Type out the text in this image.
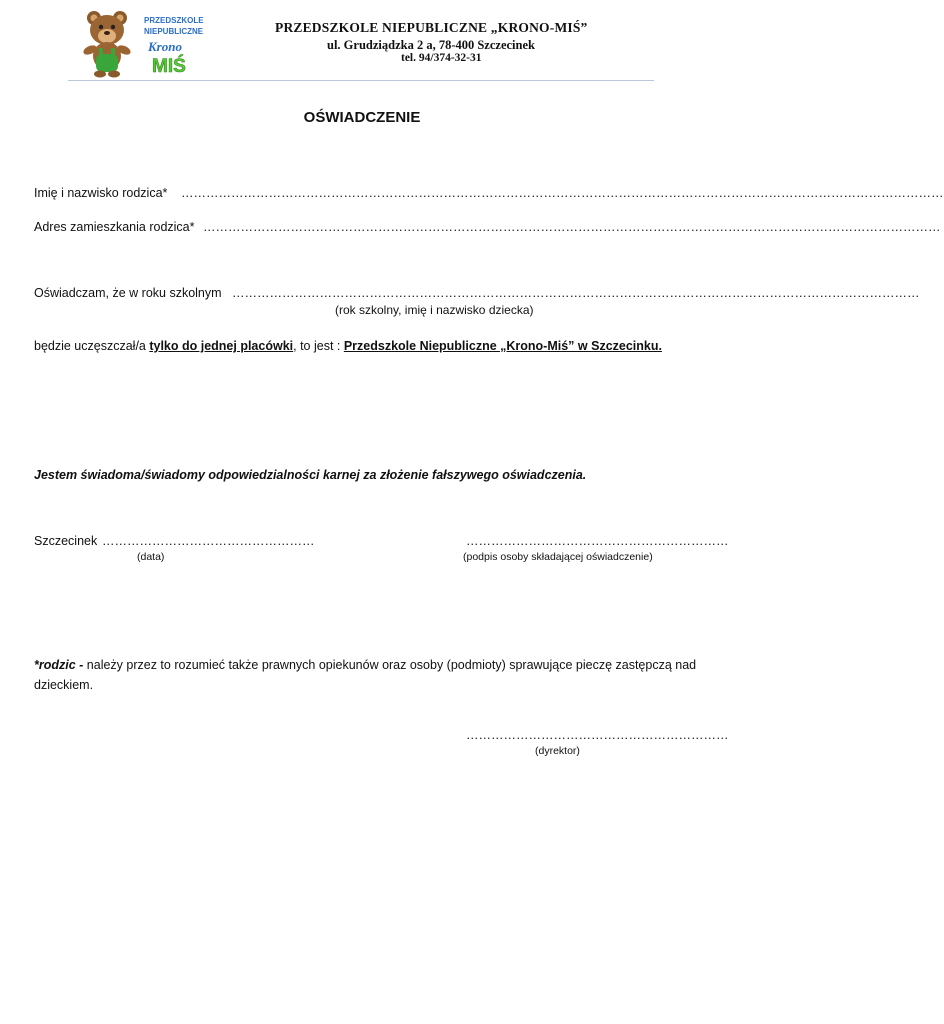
PRZEDSZKOLE
NIEPUBLICZNE
Krono
MIŚ
PRZEDSZKOLE NIEPUBLICZNE „KRONO-MIŚ”
ul. Grudziądzka 2 a, 78-400 Szczecinek
tel. 94/374-32-31
OŚWIADCZENIE
Imię i nazwisko rodzica* …………………………………………………………………………………………………………………………………………………………………
Adres zamieszkania rodzica* ……………………………………………………………………………………………………………………………………………………………
Oświadczam, że w roku szkolnym …………………………………………………………………………………………………………………………………………………
(rok szkolny, imię i nazwisko dziecka)
będzie uczęszczał/a tylko do jednej placówki, to jest : Przedszkole Niepubliczne „Krono-Miś” w Szczecinku.
Jestem świadoma/świadomy odpowiedzialności karnej za złożenie fałszywego oświadczenia.
Szczecinek ……………………………………………
(data)
………………………………………………………
(podpis osoby składającej oświadczenie)
*rodzic - należy przez to rozumieć także prawnych opiekunów oraz osoby (podmioty) sprawujące pieczę zastępczą nad
dzieckiem.
………………………………………………………
(dyrektor)
